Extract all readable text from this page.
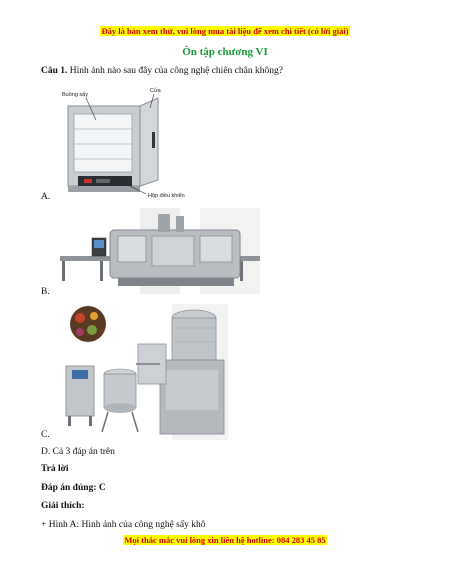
Đây là bản xem thử, vui lòng mua tài liệu để xem chi tiết (có lời giải)
Ôn tập chương VI
Câu 1. Hình ảnh nào sau đây của công nghệ chiên chân không?
Buồng sấy
Cửa
Hộp điều khiển
A.
B.
C.
D. Cả 3 đáp án trên
Trả lời
Đáp án đúng: C
Giải thích:
+ Hình A: Hình ảnh của công nghệ sấy khô
Mọi thắc mắc vui lòng xin liên hệ hotline: 084 283 45 85
